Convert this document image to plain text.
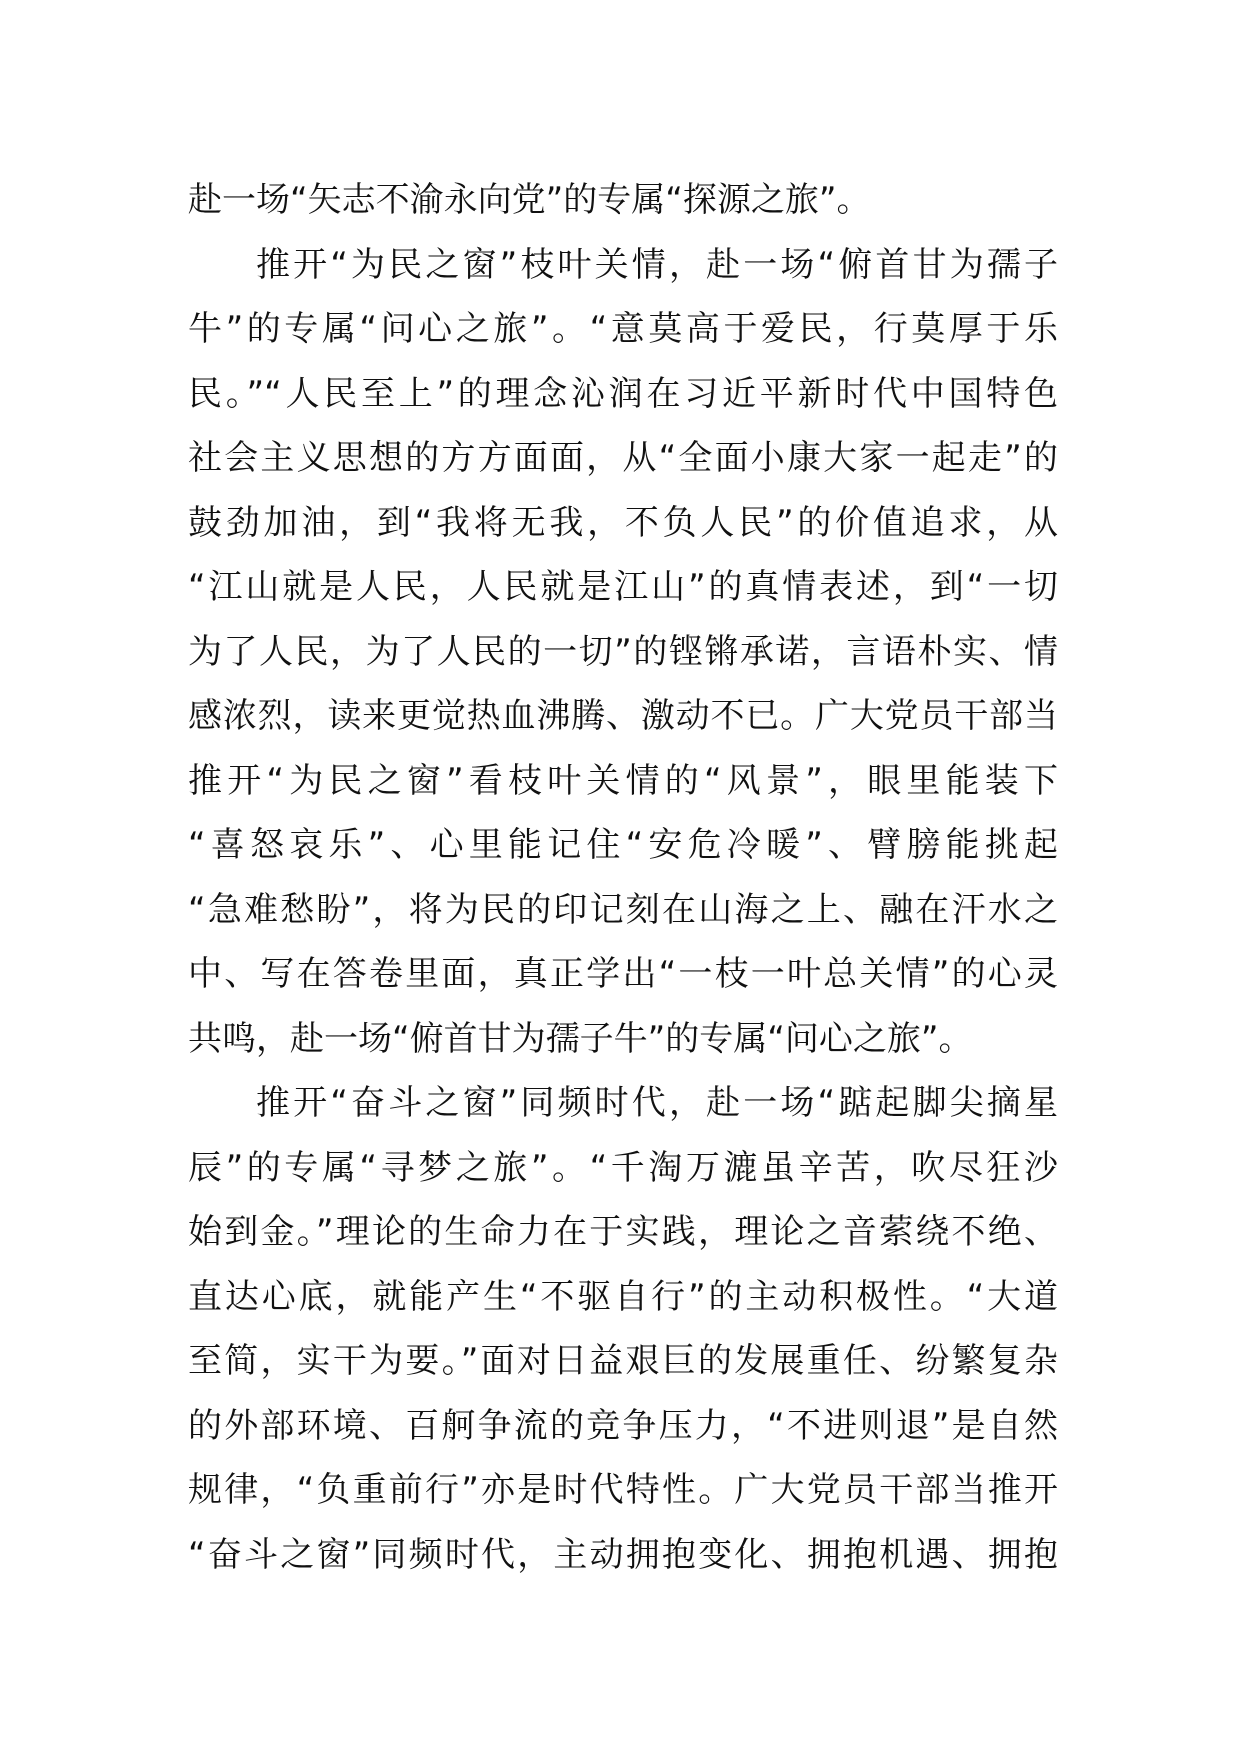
赴一场“矢志不渝永向党”的专属“探源之旅”。
推开“为民之窗”枝叶关情，赴一场“俯首甘为孺子
牛”的专属“问心之旅”。“意莫高于爱民，行莫厚于乐
民。”“人民至上”的理念沁润在习近平新时代中国特色
社会主义思想的方方面面，从“全面小康大家一起走”的
鼓劲加油，到“我将无我，不负人民”的价值追求，从
“江山就是人民，人民就是江山”的真情表述，到“一切
为了人民，为了人民的一切”的铿锵承诺，言语朴实、情
感浓烈，读来更觉热血沸腾、激动不已。广大党员干部当
推开“为民之窗”看枝叶关情的“风景”，眼里能装下
“喜怒哀乐”、心里能记住“安危冷暖”、臂膀能挑起
“急难愁盼”，将为民的印记刻在山海之上、融在汗水之
中、写在答卷里面，真正学出“一枝一叶总关情”的心灵
共鸣，赴一场“俯首甘为孺子牛”的专属“问心之旅”。
推开“奋斗之窗”同频时代，赴一场“踮起脚尖摘星
辰”的专属“寻梦之旅”。“千淘万漉虽辛苦，吹尽狂沙
始到金。”理论的生命力在于实践，理论之音萦绕不绝、
直达心底，就能产生“不驱自行”的主动积极性。“大道
至简，实干为要。”面对日益艰巨的发展重任、纷繁复杂
的外部环境、百舸争流的竞争压力，“不进则退”是自然
规律，“负重前行”亦是时代特性。广大党员干部当推开
“奋斗之窗”同频时代，主动拥抱变化、拥抱机遇、拥抱
